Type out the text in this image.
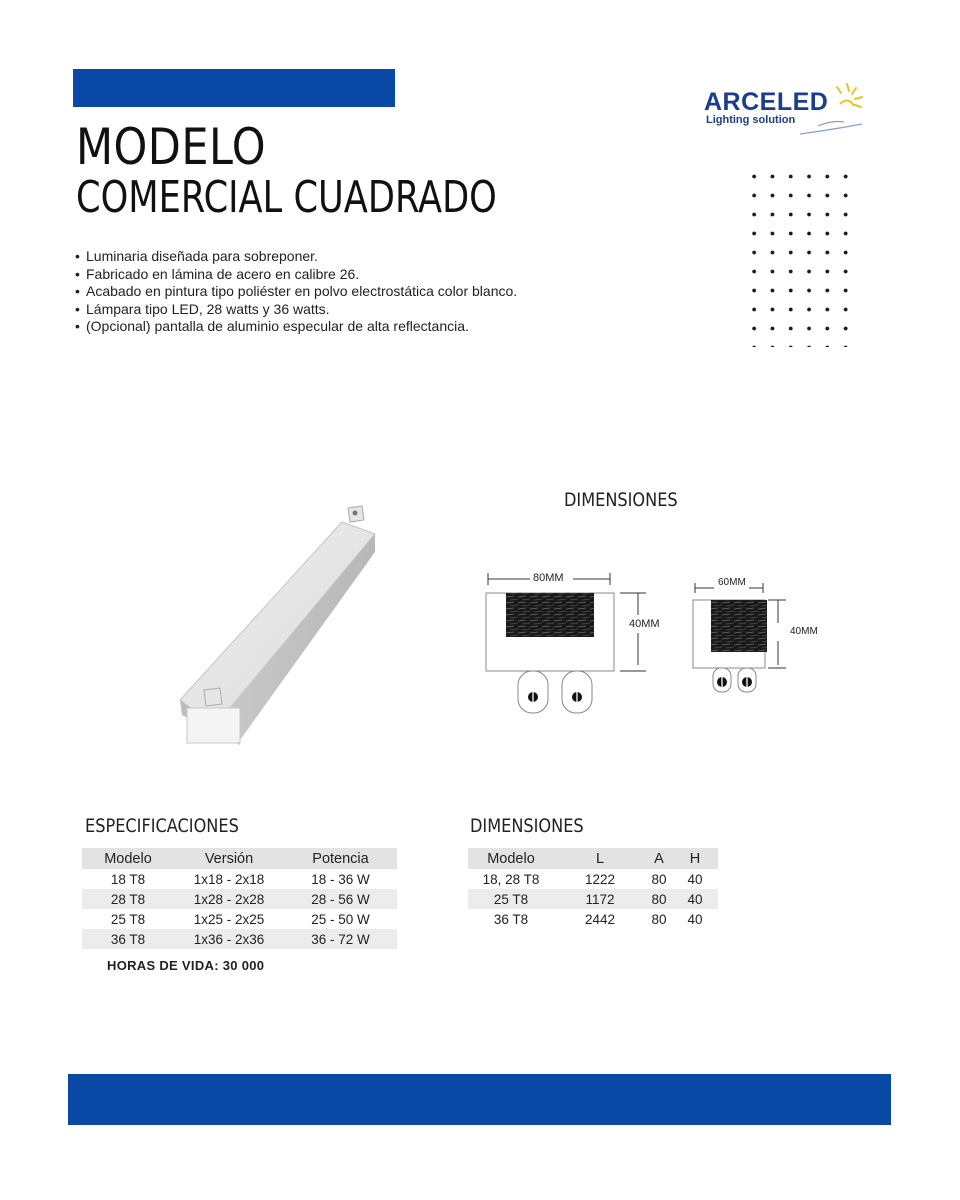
MODELO
COMERCIAL CUADRADO
ARCELED
Lighting solution
• Luminaria diseñada para sobreponer.
• Fabricado en lámina de acero en calibre 26.
• Acabado en pintura tipo poliéster en polvo electrostática color blanco.
• Lámpara tipo LED, 28 watts y 36 watts.
• (Opcional) pantalla de aluminio especular de alta reflectancia.
DIMENSIONES
80MM
40MM
60MM
40MM
ESPECIFICACIONES
Modelo	Versión	Potencia
18 T8	1x18 - 2x18	18 - 36 W
28 T8	1x28 - 2x28	28 - 56 W
25 T8	1x25 - 2x25	25 - 50 W
36 T8	1x36 - 2x36	36 - 72 W
HORAS DE VIDA: 30 000
DIMENSIONES
Modelo	L	A	H
18, 28 T8	1222	80	40
25 T8	1172	80	40
36 T8	2442	80	40
